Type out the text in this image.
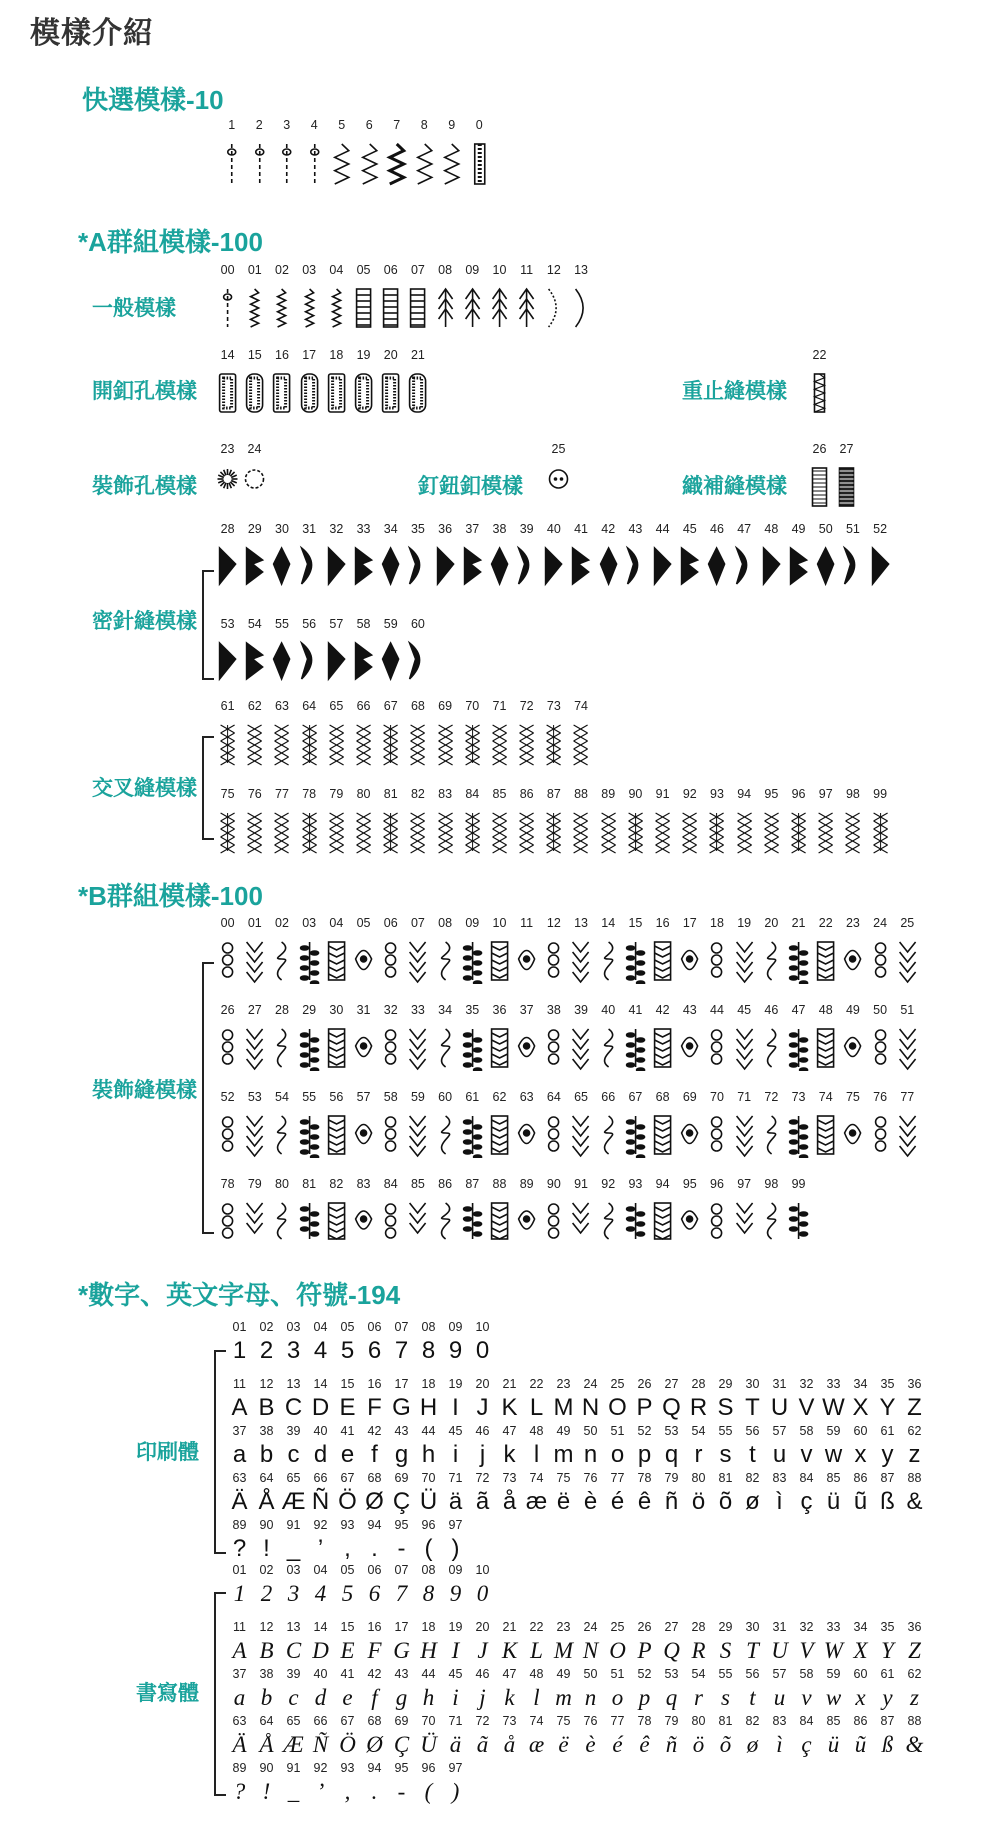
模樣介紹
快選模樣-10
1 2 3 4 5 6 7 8 9 0
*A群組模樣-100
一般模樣
00 01 02 03 04 05 06 07 08 09 10 11 12 13
開釦孔模樣
14 15 16 17 18 19 20 21
重止縫模樣
22
裝飾孔模樣
23 24
釘鈕釦模樣
25
織補縫模樣
26 27
密針縫模樣
28 29 30 31 32 33 34 35 36 37 38 39 40 41 42 43 44 45 46 47 48 49 50 51 52
53 54 55 56 57 58 59 60
交叉縫模樣
61 62 63 64 65 66 67 68 69 70 71 72 73 74
75 76 77 78 79 80 81 82 83 84 85 86 87 88 89 90 91 92 93 94 95 96 97 98 99
*B群組模樣-100
裝飾縫模樣
00 01 02 03 04 05 06 07 08 09 10 11 12 13 14 15 16 17 18 19 20 21 22 23 24 25
26 27 28 29 30 31 32 33 34 35 36 37 38 39 40 41 42 43 44 45 46 47 48 49 50 51
52 53 54 55 56 57 58 59 60 61 62 63 64 65 66 67 68 69 70 71 72 73 74 75 76 77
78 79 80 81 82 83 84 85 86 87 88 89 90 91 92 93 94 95 96 97 98 99
*數字、英文字母、符號-194
印刷體
01 02 03 04 05 06 07 08 09 10
1 2 3 4 5 6 7 8 9 0
11 12 13 14 15 16 17 18 19 20 21 22 23 24 25 26 27 28 29 30 31 32 33 34 35 36
A B C D E F G H I J K L M N O P Q R S T U V W X Y Z
37 38 39 40 41 42 43 44 45 46 47 48 49 50 51 52 53 54 55 56 57 58 59 60 61 62
a b c d e f g h i j k l m n o p q r s t u v w x y z
63 64 65 66 67 68 69 70 71 72 73 74 75 76 77 78 79 80 81 82 83 84 85 86 87 88
Ä Å Æ Ñ Ö Ø Ç Ü ä ã å æ ë è é ê ñ ö õ ø ì ç ü ũ ß &
89 90 91 92 93 94 95 96 97
? ! _ ’ , . - ( )
書寫體
01 02 03 04 05 06 07 08 09 10
1 2 3 4 5 6 7 8 9 0
11 12 13 14 15 16 17 18 19 20 21 22 23 24 25 26 27 28 29 30 31 32 33 34 35 36
A B C D E F G H I J K L M N O P Q R S T U V W X Y Z
37 38 39 40 41 42 43 44 45 46 47 48 49 50 51 52 53 54 55 56 57 58 59 60 61 62
a b c d e f g h i j k l m n o p q r s t u v w x y z
63 64 65 66 67 68 69 70 71 72 73 74 75 76 77 78 79 80 81 82 83 84 85 86 87 88
Ä Å Æ Ñ Ö Ø Ç Ü ä ã å æ ë è é ê ñ ö õ ø ì ç ü ũ ß &
89 90 91 92 93 94 95 96 97
? ! _ ’ , . - ( )
